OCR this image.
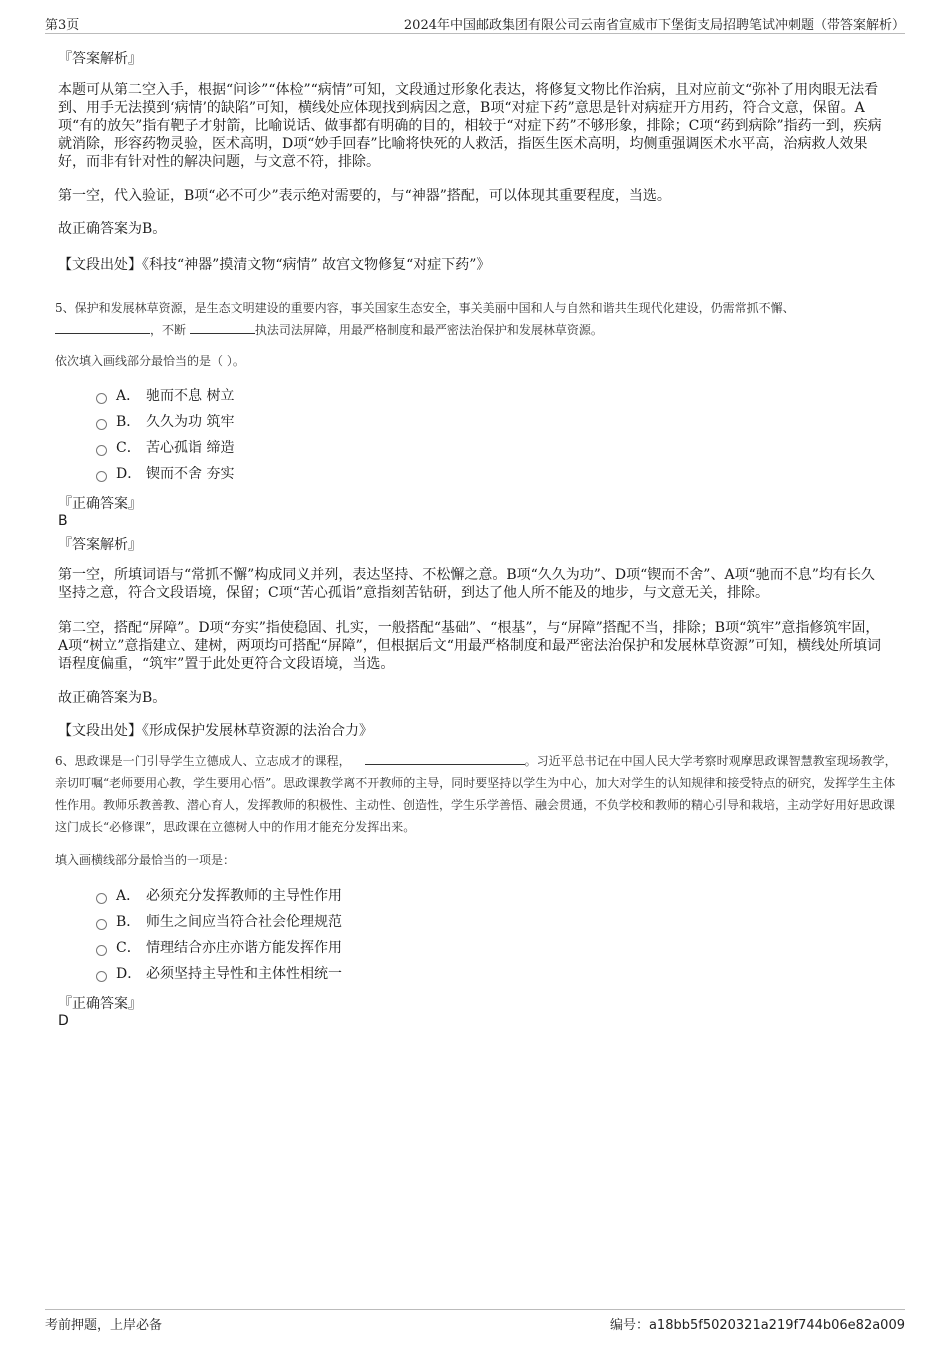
第3页	2024年中国邮政集团有限公司云南省宣威市下堡街支局招聘笔试冲刺题（带答案解析）
『答案解析』
本题可从第二空入手，根据“问诊”“体检”“病情”可知，文段通过形象化表达，将修复文物比作治病，且对应前文“弥补了用肉眼无法看到、用手无法摸到‘病情’的缺陷”可知，横线处应体现找到病因之意，B项“对症下药”意思是针对病症开方用药，符合文意，保留。A项“有的放矢”指有靶子才射箭，比喻说话、做事都有明确的目的，相较于“对症下药”不够形象，排除；C项“药到病除”指药一到，疾病就消除，形容药物灵验，医术高明，D项“妙手回春”比喻将快死的人救活，指医生医术高明，均侧重强调医术水平高，治病救人效果好，而非有针对性的解决问题，与文意不符，排除。
第一空，代入验证，B项“必不可少”表示绝对需要的，与“神器”搭配，可以体现其重要程度，当选。
故正确答案为B。
【文段出处】《科技“神器”摸清文物“病情” 故宫文物修复“对症下药”》
5、保护和发展林草资源，是生态文明建设的重要内容，事关国家生态安全，事关美丽中国和人与自然和谐共生现代化建设，仍需常抓不懈、
，不断	执法司法屏障，用最严格制度和最严密法治保护和发展林草资源。
依次填入画线部分最恰当的是（ ）。
A． 驰而不息 树立
B． 久久为功 筑牢
C． 苦心孤诣 缔造
D． 锲而不舍 夯实
『正确答案』
B
『答案解析』
第一空，所填词语与“常抓不懈”构成同义并列，表达坚持、不松懈之意。B项“久久为功”、D项“锲而不舍”、A项“驰而不息”均有长久坚持之意，符合文段语境，保留；C项“苦心孤诣”意指刻苦钻研，到达了他人所不能及的地步，与文意无关，排除。
第二空，搭配“屏障”。D项“夯实”指使稳固、扎实，一般搭配“基础”、“根基”，与“屏障”搭配不当，排除；B项“筑牢”意指修筑牢固，A项“树立”意指建立、建树，两项均可搭配“屏障”，但根据后文“用最严格制度和最严密法治保护和发展林草资源”可知，横线处所填词语程度偏重，“筑牢”置于此处更符合文段语境，当选。
故正确答案为B。
【文段出处】《形成保护发展林草资源的法治合力》
6、思政课是一门引导学生立德成人、立志成才的课程，	。习近平总书记在中国人民大学考察时观摩思政课智慧教室现场教学，亲切叮嘱“老师要用心教，学生要用心悟”。思政课教学离不开教师的主导，同时要坚持以学生为中心，加大对学生的认知规律和接受特点的研究，发挥学生主体性作用。教师乐教善教、潜心育人，发挥教师的积极性、主动性、创造性，学生乐学善悟、融会贯通，不负学校和教师的精心引导和栽培，主动学好用好思政课这门成长“必修课”，思政课在立德树人中的作用才能充分发挥出来。
填入画横线部分最恰当的一项是：
A． 必须充分发挥教师的主导性作用
B． 师生之间应当符合社会伦理规范
C． 情理结合亦庄亦谐方能发挥作用
D． 必须坚持主导性和主体性相统一
『正确答案』
D
考前押题，上岸必备	编号：a18bb5f5020321a219f744b06e82a009
